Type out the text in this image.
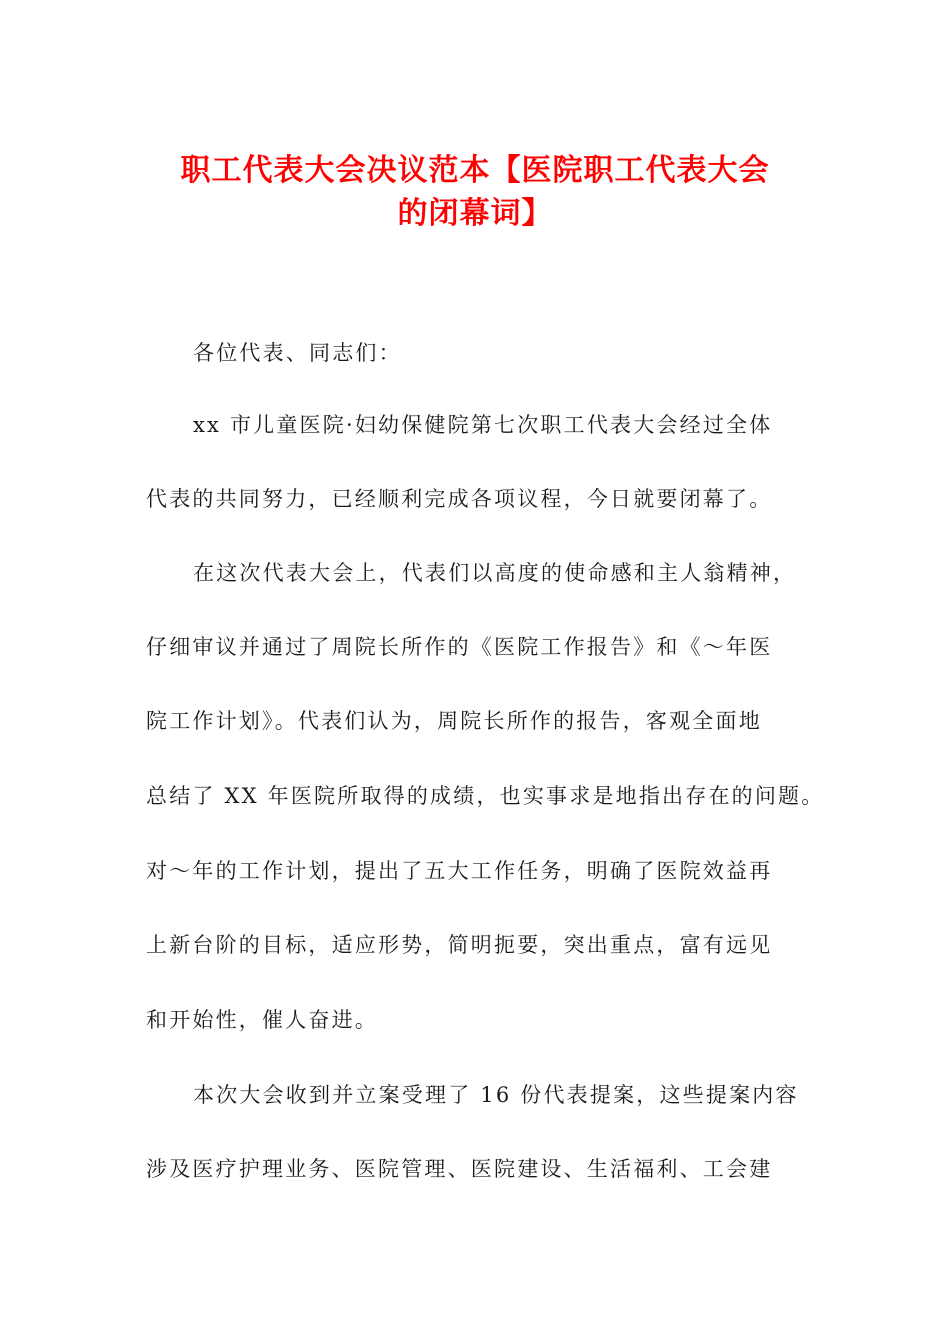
职工代表大会决议范本【医院职工代表大会
的闭幕词】

各位代表、同志们：

xx 市儿童医院·妇幼保健院第七次职工代表大会经过全体

代表的共同努力，已经顺利完成各项议程，今日就要闭幕了。

在这次代表大会上，代表们以高度的使命感和主人翁精神，

仔细审议并通过了周院长所作的《医院工作报告》和《～年医

院工作计划》。代表们认为，周院长所作的报告，客观全面地

总结了 XX 年医院所取得的成绩，也实事求是地指出存在的问题。

对～年的工作计划，提出了五大工作任务，明确了医院效益再

上新台阶的目标，适应形势，简明扼要，突出重点，富有远见

和开始性，催人奋进。

本次大会收到并立案受理了 16 份代表提案，这些提案内容

涉及医疗护理业务、医院管理、医院建设、生活福利、工会建
